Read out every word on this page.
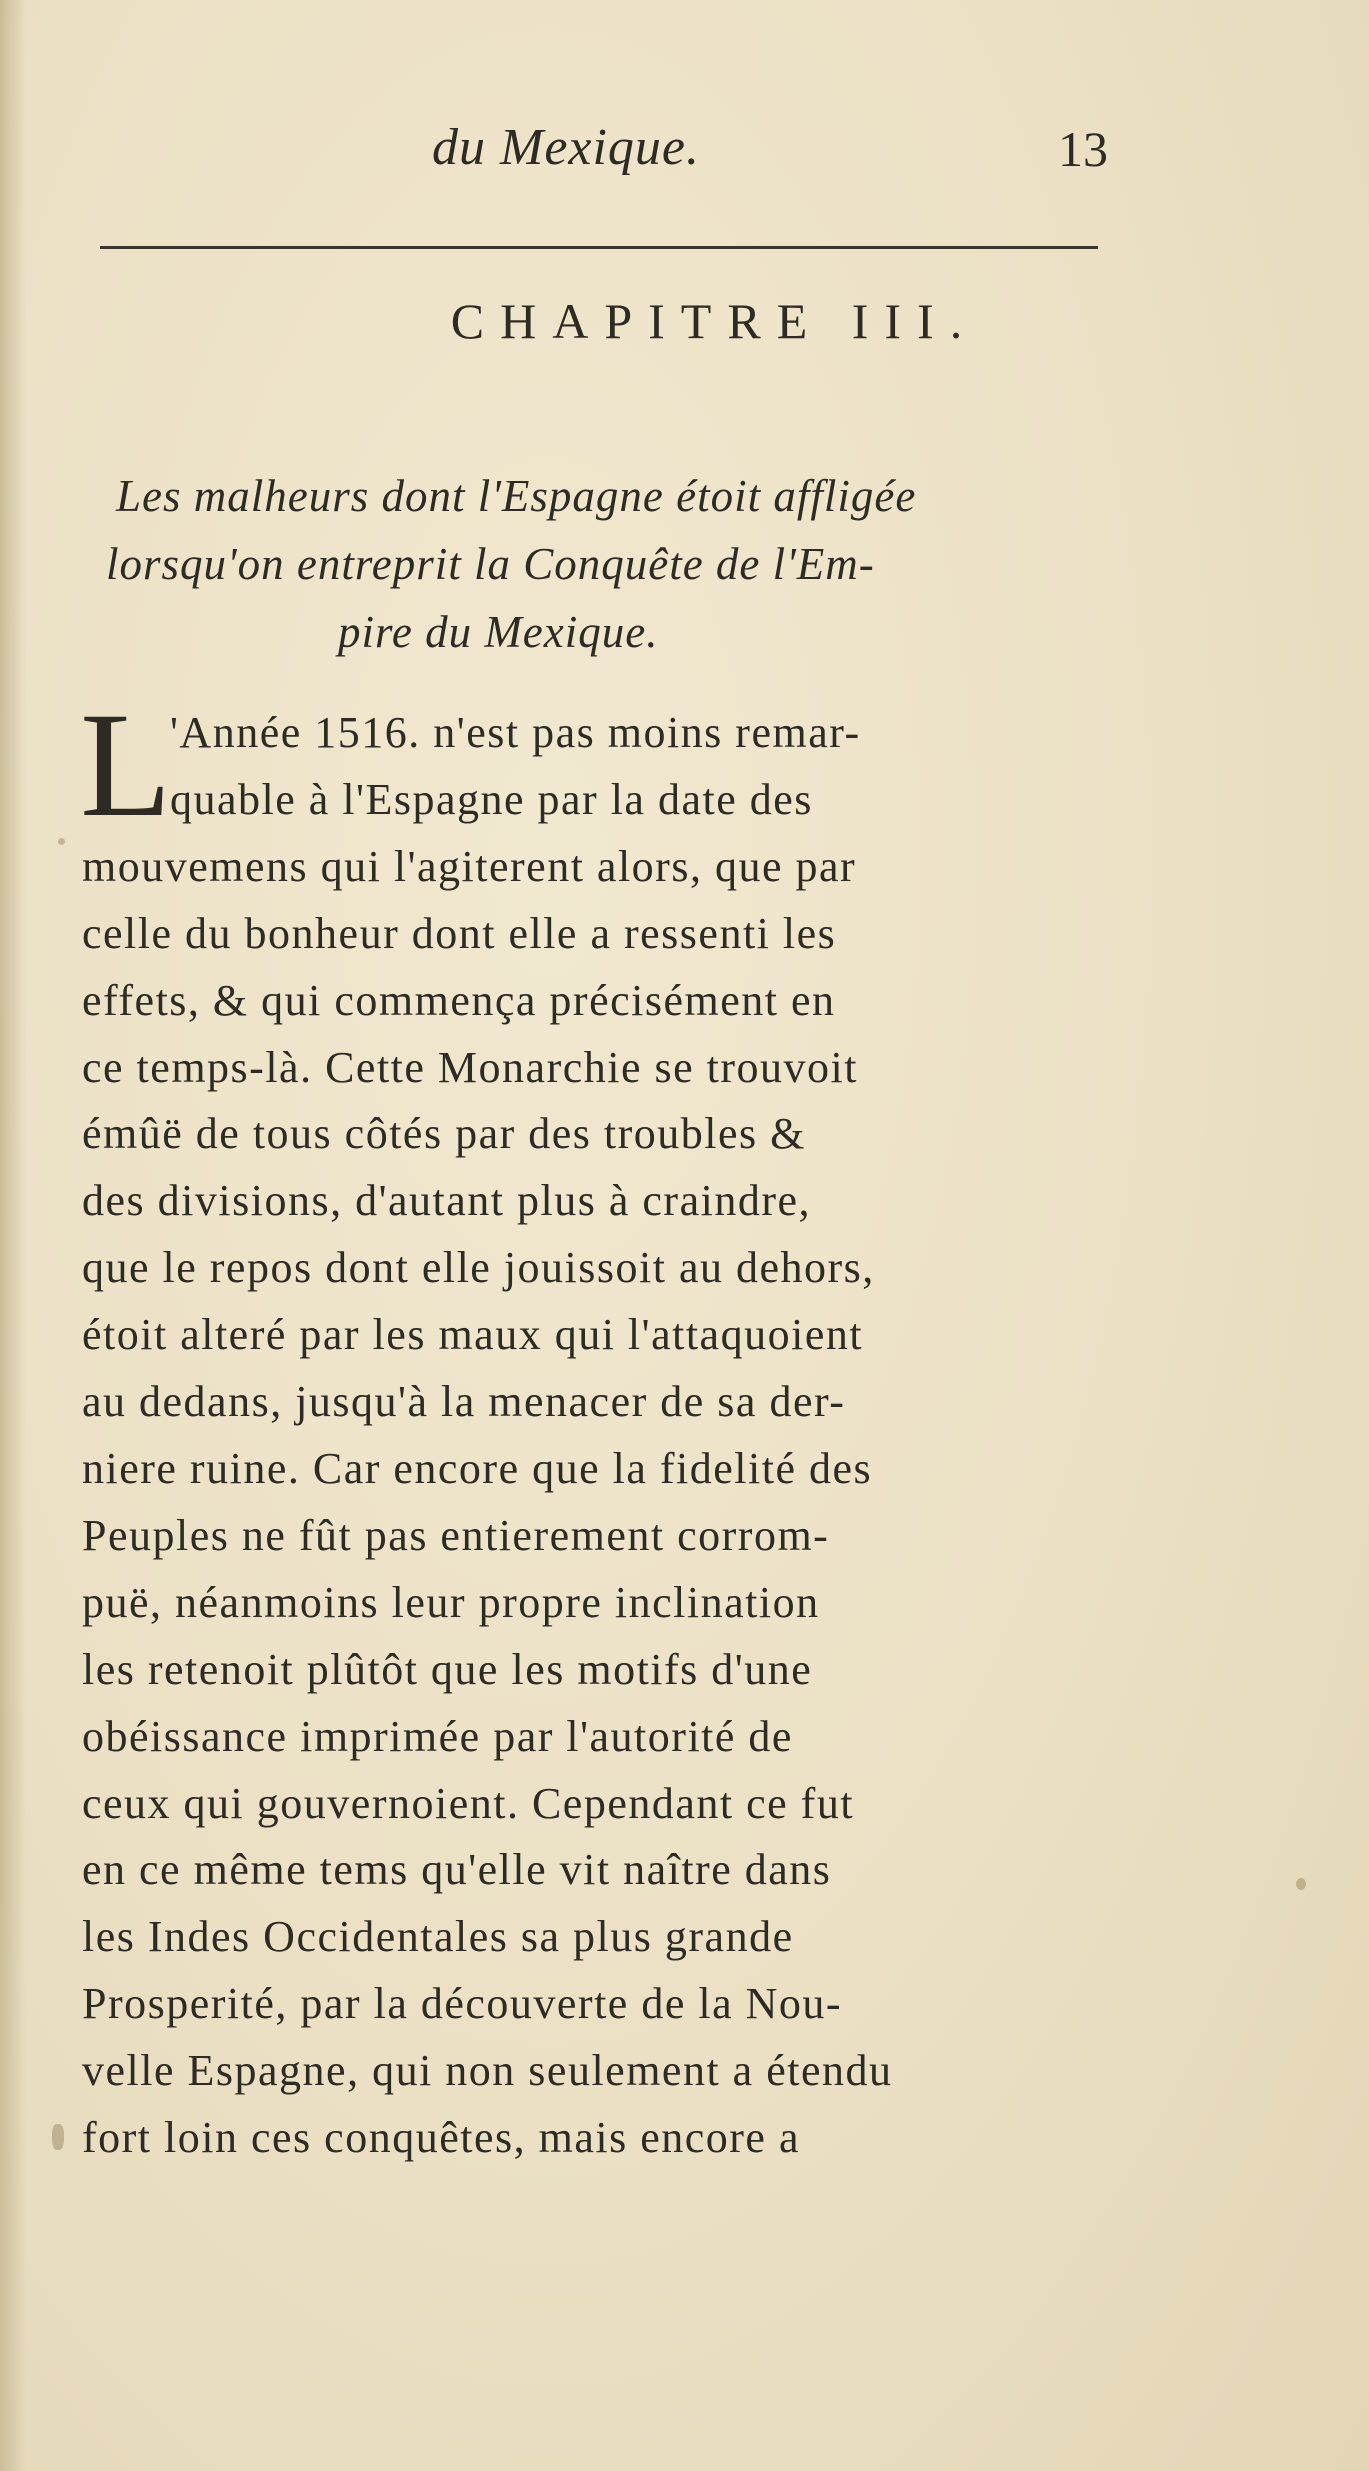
du Mexique.	13
CHAPITRE III.
Les malheurs dont l'Espagne étoit affligée
lorsqu'on entreprit la Conquête de l'Em-
pire du Mexique.
L
'Année 1516. n'est pas moins remar-
quable à l'Espagne par la date des
mouvemens qui l'agiterent alors, que par
celle du bonheur dont elle a ressenti les
effets, & qui commença précisément en
ce temps-là. Cette Monarchie se trouvoit
émûë de tous côtés par des troubles &
des divisions, d'autant plus à craindre,
que le repos dont elle jouissoit au dehors,
étoit alteré par les maux qui l'attaquoient
au dedans, jusqu'à la menacer de sa der-
niere ruine. Car encore que la fidelité des
Peuples ne fût pas entierement corrom-
puë, néanmoins leur propre inclination
les retenoit plûtôt que les motifs d'une
obéissance imprimée par l'autorité de
ceux qui gouvernoient. Cependant ce fut
en ce même tems qu'elle vit naître dans
les Indes Occidentales sa plus grande
Prosperité, par la découverte de la Nou-
velle Espagne, qui non seulement a étendu
fort loin ces conquêtes, mais encore a
